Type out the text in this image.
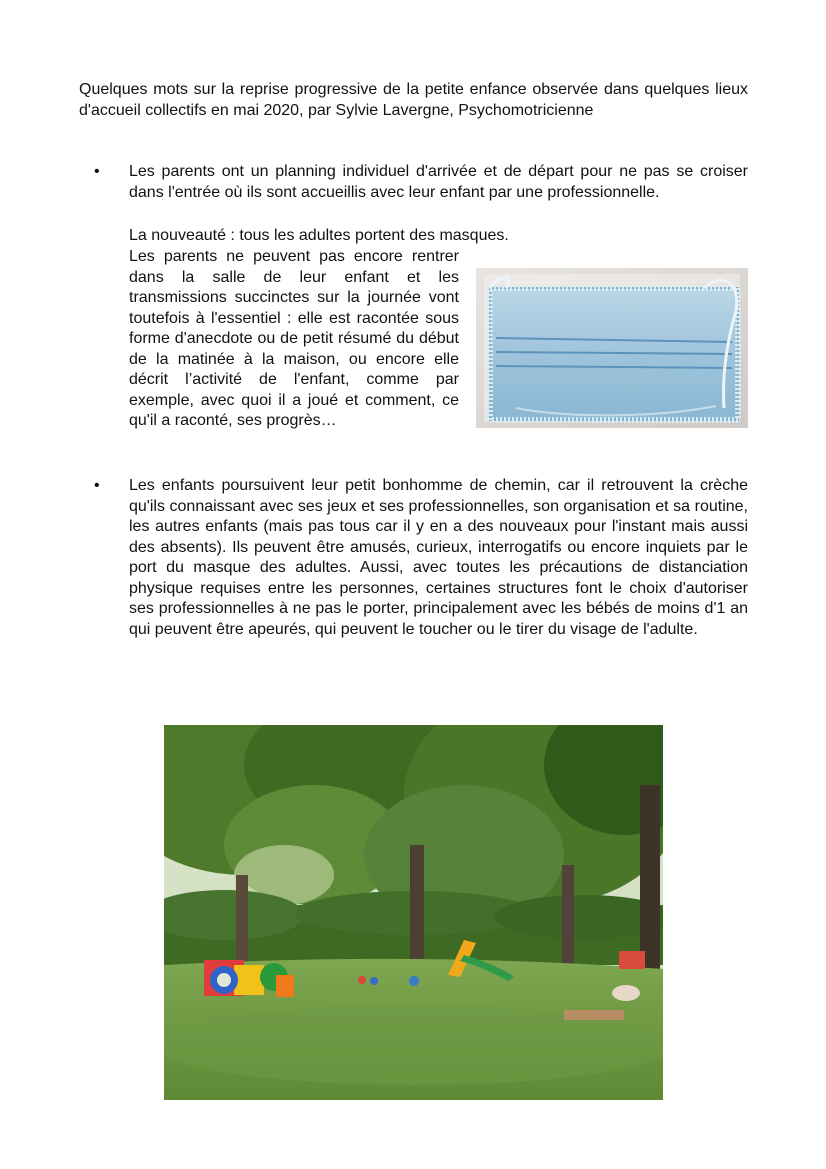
Quelques mots sur la reprise progressive de la petite enfance observée dans quelques lieux d'accueil collectifs en mai 2020, par Sylvie Lavergne, Psychomotricienne

• Les parents ont un planning individuel d'arrivée et de départ pour ne pas se croiser dans l'entrée où ils sont accueillis avec leur enfant par une professionnelle.

La nouveauté : tous les adultes portent des masques.

Les parents ne peuvent pas encore rentrer dans la salle de leur enfant et les transmissions succinctes sur la journée vont toutefois à l'essentiel : elle est racontée sous forme d'anecdote ou de petit résumé du début de la matinée à la maison, ou encore elle décrit l’activité de l'enfant, comme par exemple, avec quoi il a joué et comment, ce qu'il a raconté, ses progrès…

• Les enfants poursuivent leur petit bonhomme de chemin, car il retrouvent la crèche qu'ils connaissant avec ses jeux et ses professionnelles, son organisation et sa routine, les autres enfants (mais pas tous car il y en a des nouveaux pour l'instant mais aussi des absents). Ils peuvent être amusés, curieux, interrogatifs ou encore inquiets par le port du masque des adultes. Aussi, avec toutes les précautions de distanciation physique requises entre les personnes, certaines structures font le choix d'autoriser ses professionnelles à ne pas le porter, principalement avec les bébés de moins d'1 an qui peuvent être apeurés, qui peuvent le toucher ou le tirer du visage de l'adulte.
